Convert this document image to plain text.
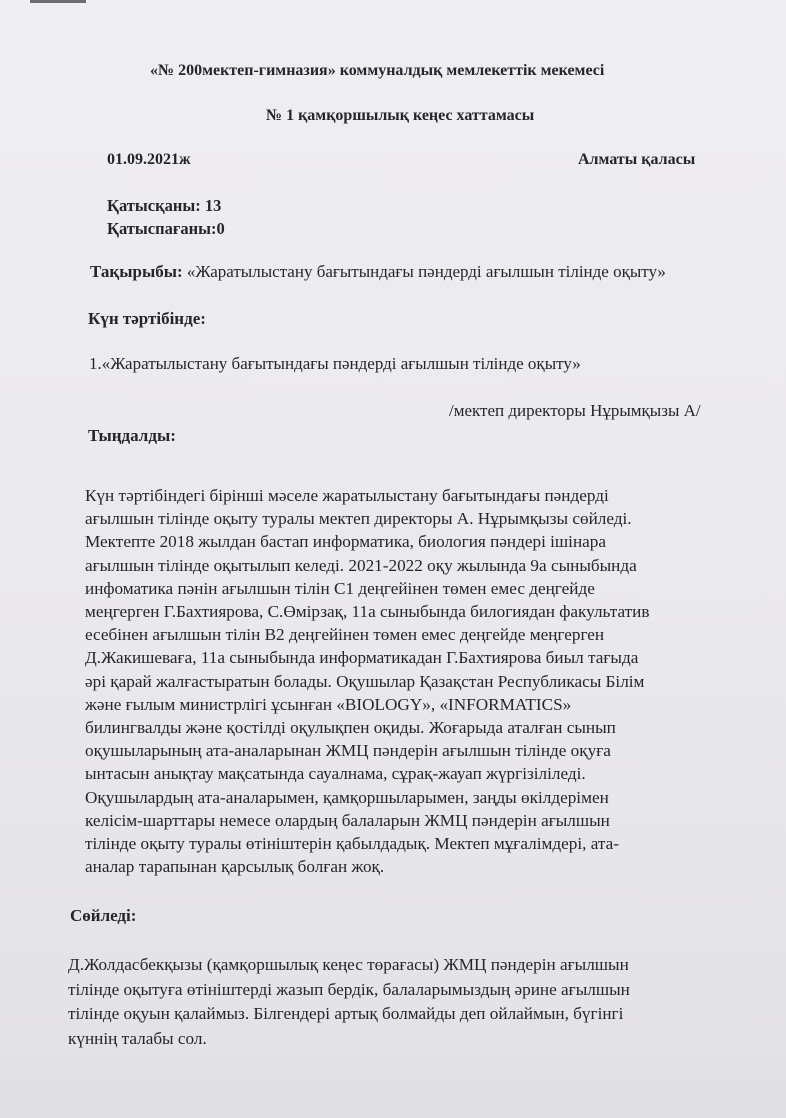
«№ 200мектеп-гимназия» коммуналдық мемлекеттік мекемесі
№ 1 қамқоршылық кеңес хаттамасы
01.09.2021ж	Алматы қаласы
Қатысқаны: 13
Қатыспағаны:0
Тақырыбы: «Жаратылыстану бағытындағы пәндерді ағылшын тілінде оқыту»
Күн тәртібінде:
1.«Жаратылыстану бағытындағы пәндерді ағылшын тілінде оқыту»
/мектеп директоры Нұрымқызы А/
Тыңдалды:
Күн тәртібіндегі бірінші мәселе жаратылыстану бағытындағы пәндерді
ағылшын тілінде оқыту туралы мектеп директоры А. Нұрымқызы сөйледі.
Мектепте 2018 жылдан бастап информатика, биология пәндері ішінара
ағылшын тілінде оқытылып келеді. 2021-2022 оқу жылында 9а сыныбында
инфоматика пәнін ағылшын тілін С1 деңгейінен төмен емес деңгейде
меңгерген Г.Бахтиярова, С.Өмірзақ, 11а сыныбында билогиядан факультатив
есебінен ағылшын тілін В2 деңгейінен төмен емес деңгейде меңгерген
Д.Жакишеваға, 11а сыныбында информатикадан Г.Бахтиярова биыл тағыда
әрі қарай жалғастыратын болады. Оқушылар Қазақстан Республикасы Білім
және ғылым министрлігі ұсынған «BIOLOGY», «INFORMATICS»
билингвалды және қостілді оқулықпен оқиды. Жоғарыда аталған сынып
оқушыларының ата-аналарынан ЖМЦ пәндерін ағылшын тілінде оқуға
ынтасын анықтау мақсатында сауалнама, сұрақ-жауап жүргізіліледі.
Оқушылардың ата-аналарымен, қамқоршыларымен, заңды өкілдерімен
келісім-шарттары немесе олардың балаларын ЖМЦ пәндерін ағылшын
тілінде оқыту туралы өтініштерін қабылдадық. Мектеп мұғалімдері, ата-
аналар тарапынан қарсылық болған жоқ.
Сөйледі:
Д.Жолдасбекқызы (қамқоршылық кеңес төрағасы) ЖМЦ пәндерін ағылшын
тілінде оқытуға өтініштерді жазып бердік, балаларымыздың әрине ағылшын
тілінде оқуын қалаймыз. Білгендері артық болмайды деп ойлаймын, бүгінгі
күннің талабы сол.
